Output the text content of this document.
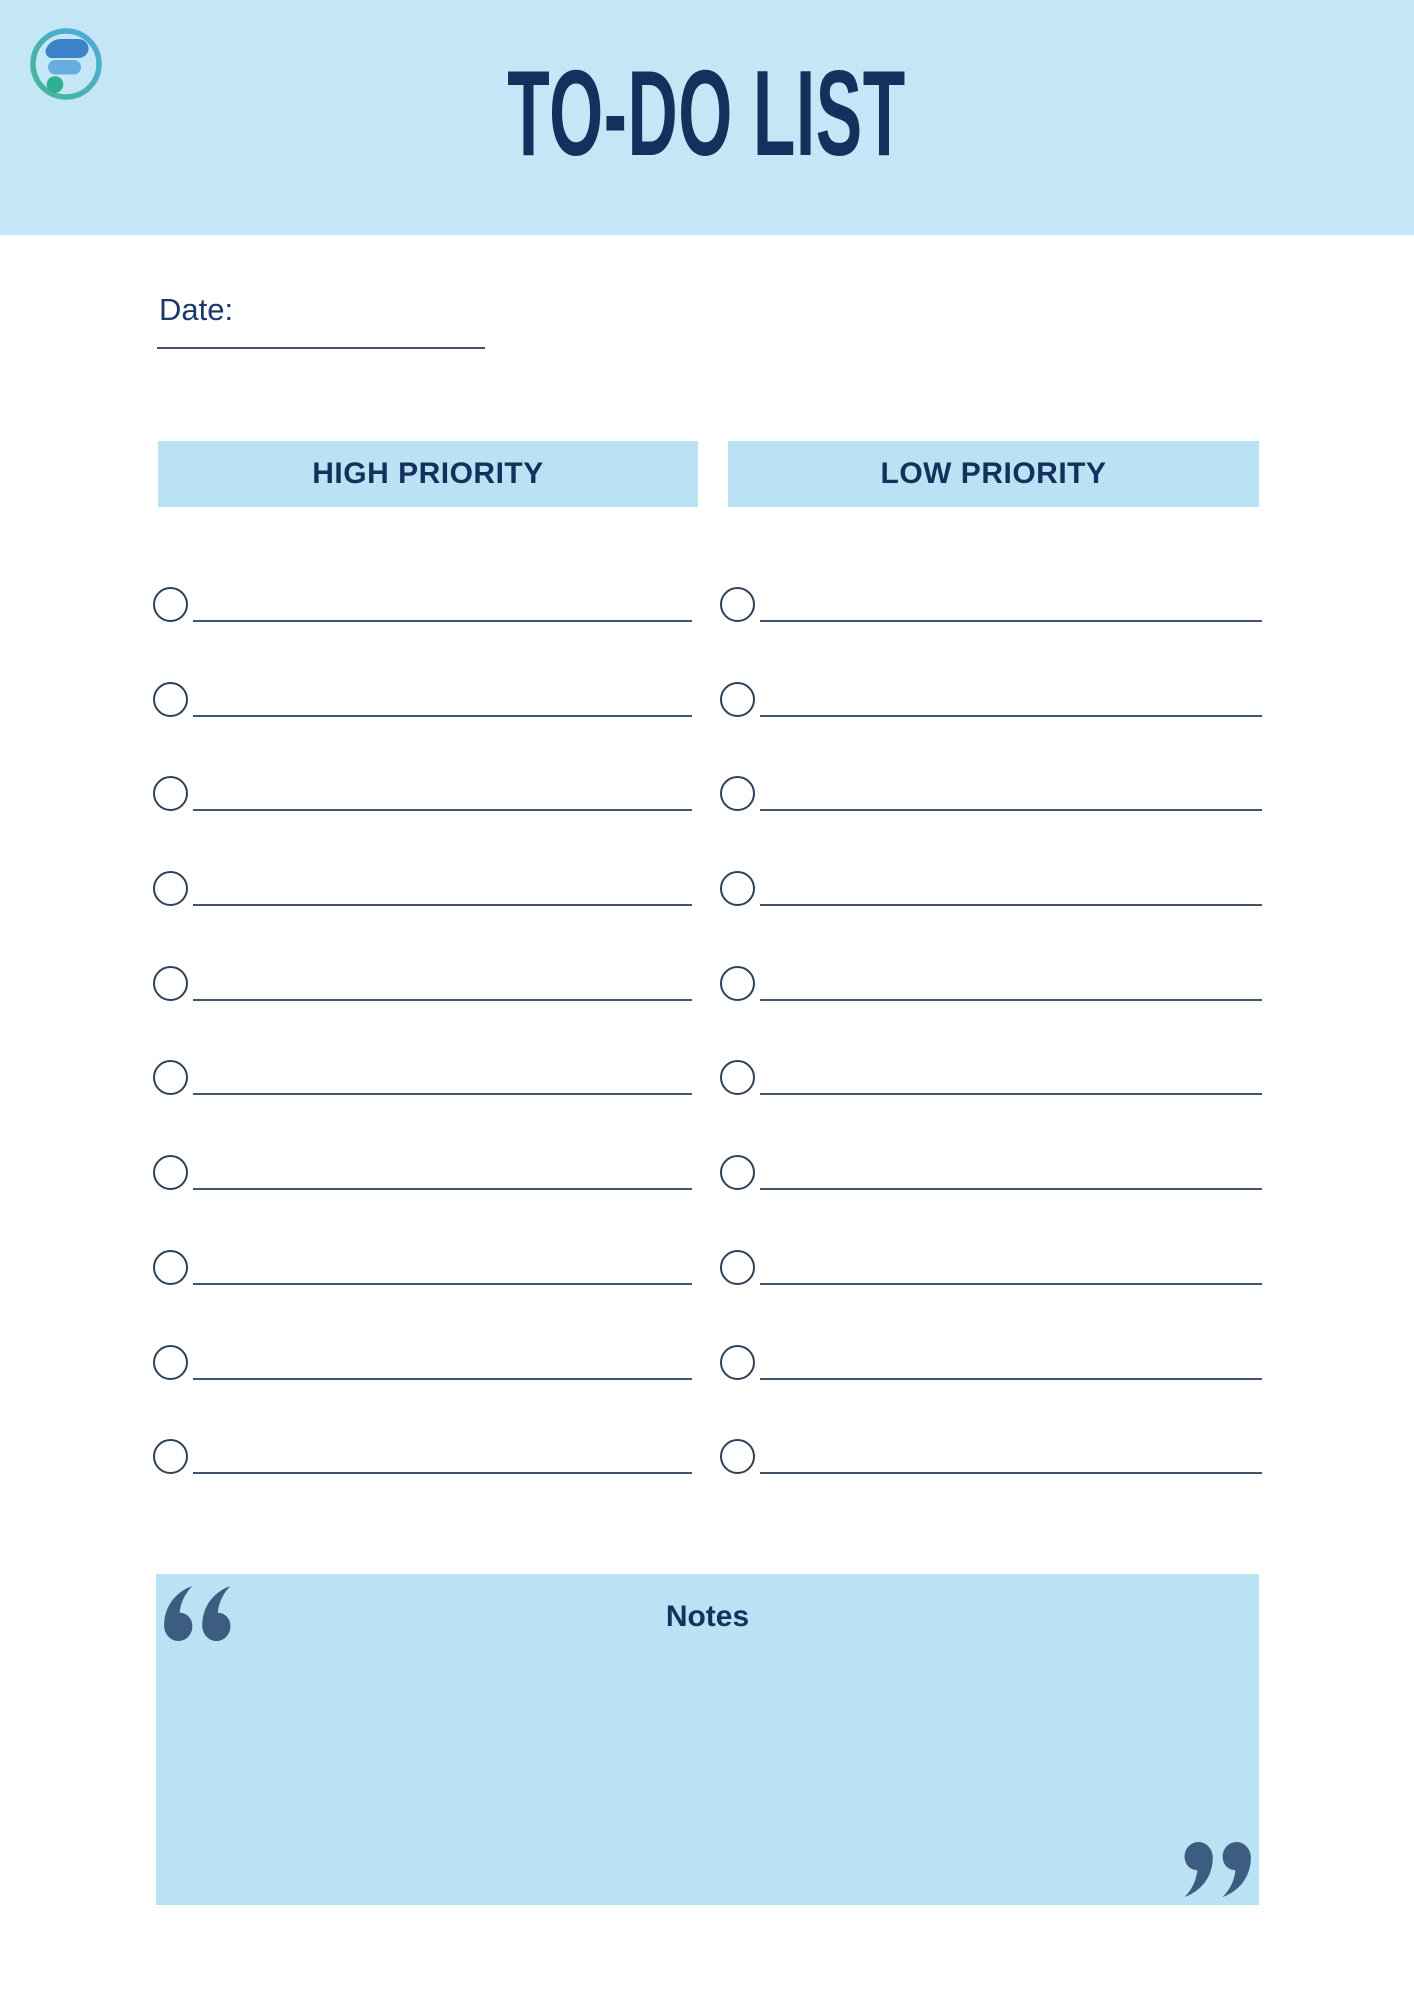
TO-DO LIST
Date:
HIGH PRIORITY	LOW PRIORITY
Notes
